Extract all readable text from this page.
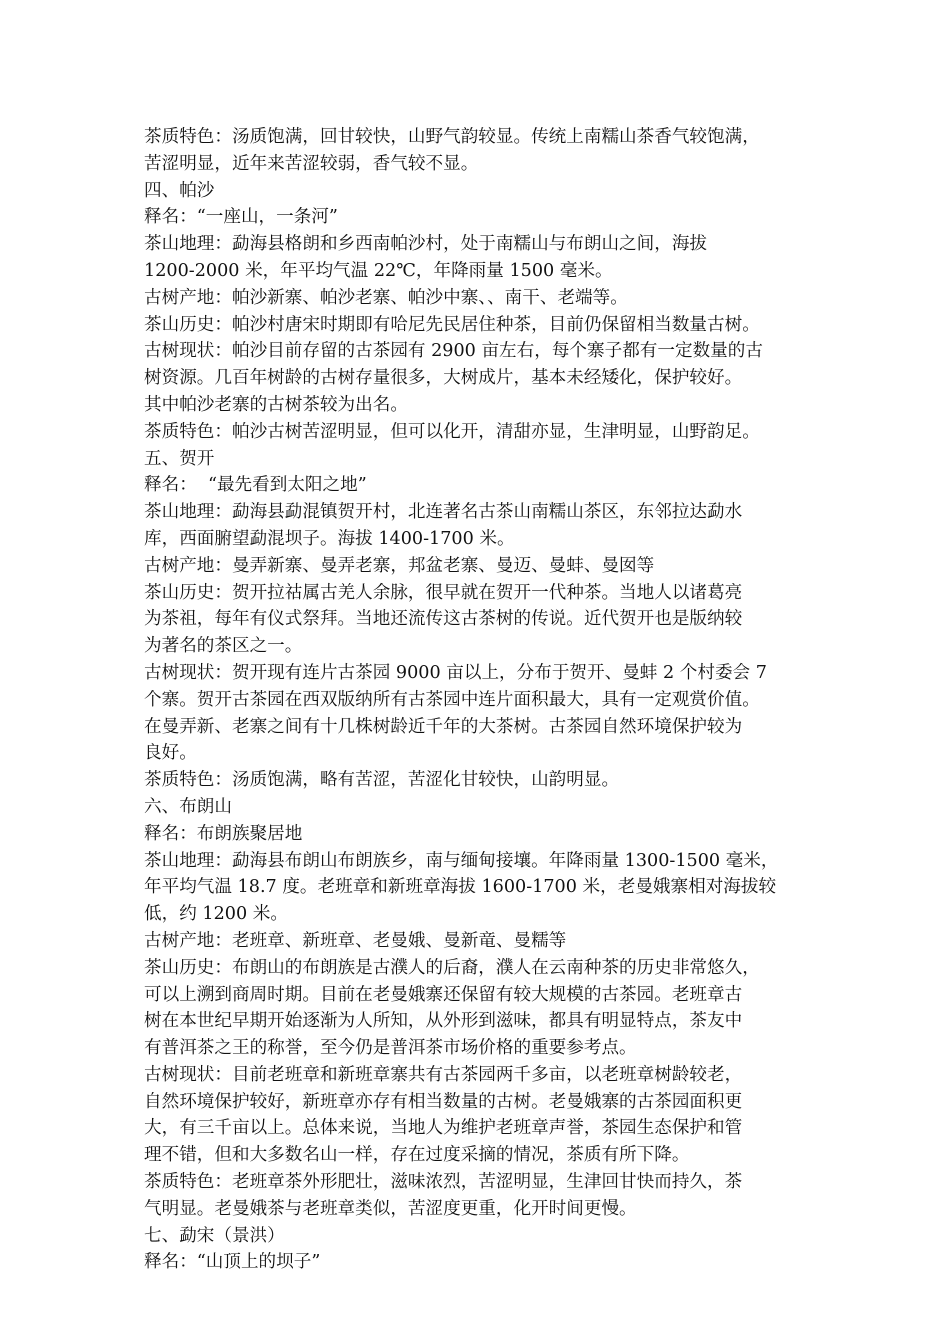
茶质特色：汤质饱满，回甘较快，山野气韵较显。传统上南糯山茶香气较饱满，
苦涩明显，近年来苦涩较弱，香气较不显。
四、帕沙
释名：“一座山，一条河”
茶山地理：勐海县格朗和乡西南帕沙村，处于南糯山与布朗山之间，海拔
1200-2000 米，年平均气温 22℃，年降雨量 1500 毫米。
古树产地：帕沙新寨、帕沙老寨、帕沙中寨、、南干、老端等。
茶山历史：帕沙村唐宋时期即有哈尼先民居住种茶，目前仍保留相当数量古树。
古树现状：帕沙目前存留的古茶园有 2900 亩左右，每个寨子都有一定数量的古
树资源。几百年树龄的古树存量很多，大树成片，基本未经矮化，保护较好。
其中帕沙老寨的古树茶较为出名。
茶质特色：帕沙古树苦涩明显，但可以化开，清甜亦显，生津明显，山野韵足。
五、贺开
释名：  “最先看到太阳之地”
茶山地理：勐海县勐混镇贺开村，北连著名古茶山南糯山茶区，东邻拉达勐水
库，西面腑望勐混坝子。海拔 1400-1700 米。
古树产地：曼弄新寨、曼弄老寨，邦盆老寨、曼迈、曼蚌、曼囡等
茶山历史：贺开拉祜属古羌人余脉，很早就在贺开一代种茶。当地人以诸葛亮
为茶祖，每年有仪式祭拜。当地还流传这古茶树的传说。近代贺开也是版纳较
为著名的茶区之一。
古树现状：贺开现有连片古茶园 9000 亩以上，分布于贺开、曼蚌 2 个村委会 7
个寨。贺开古茶园在西双版纳所有古茶园中连片面积最大，具有一定观赏价值。
在曼弄新、老寨之间有十几株树龄近千年的大茶树。古茶园自然环境保护较为
良好。
茶质特色：汤质饱满，略有苦涩，苦涩化甘较快，山韵明显。
六、布朗山
释名：布朗族聚居地
茶山地理：勐海县布朗山布朗族乡，南与缅甸接壤。年降雨量 1300-1500 毫米，
年平均气温 18.7 度。老班章和新班章海拔 1600-1700 米，老曼娥寨相对海拔较
低，约 1200 米。
古树产地：老班章、新班章、老曼娥、曼新竜、曼糯等
茶山历史：布朗山的布朗族是古濮人的后裔，濮人在云南种茶的历史非常悠久，
可以上溯到商周时期。目前在老曼娥寨还保留有较大规模的古茶园。老班章古
树在本世纪早期开始逐渐为人所知，从外形到滋味，都具有明显特点，茶友中
有普洱茶之王的称誉，至今仍是普洱茶市场价格的重要参考点。
古树现状：目前老班章和新班章寨共有古茶园两千多亩，以老班章树龄较老，
自然环境保护较好，新班章亦存有相当数量的古树。老曼娥寨的古茶园面积更
大，有三千亩以上。总体来说，当地人为维护老班章声誉，茶园生态保护和管
理不错，但和大多数名山一样，存在过度采摘的情况，茶质有所下降。
茶质特色：老班章茶外形肥壮，滋味浓烈，苦涩明显，生津回甘快而持久，茶
气明显。老曼娥茶与老班章类似，苦涩度更重，化开时间更慢。
七、勐宋（景洪）
释名：“山顶上的坝子”
